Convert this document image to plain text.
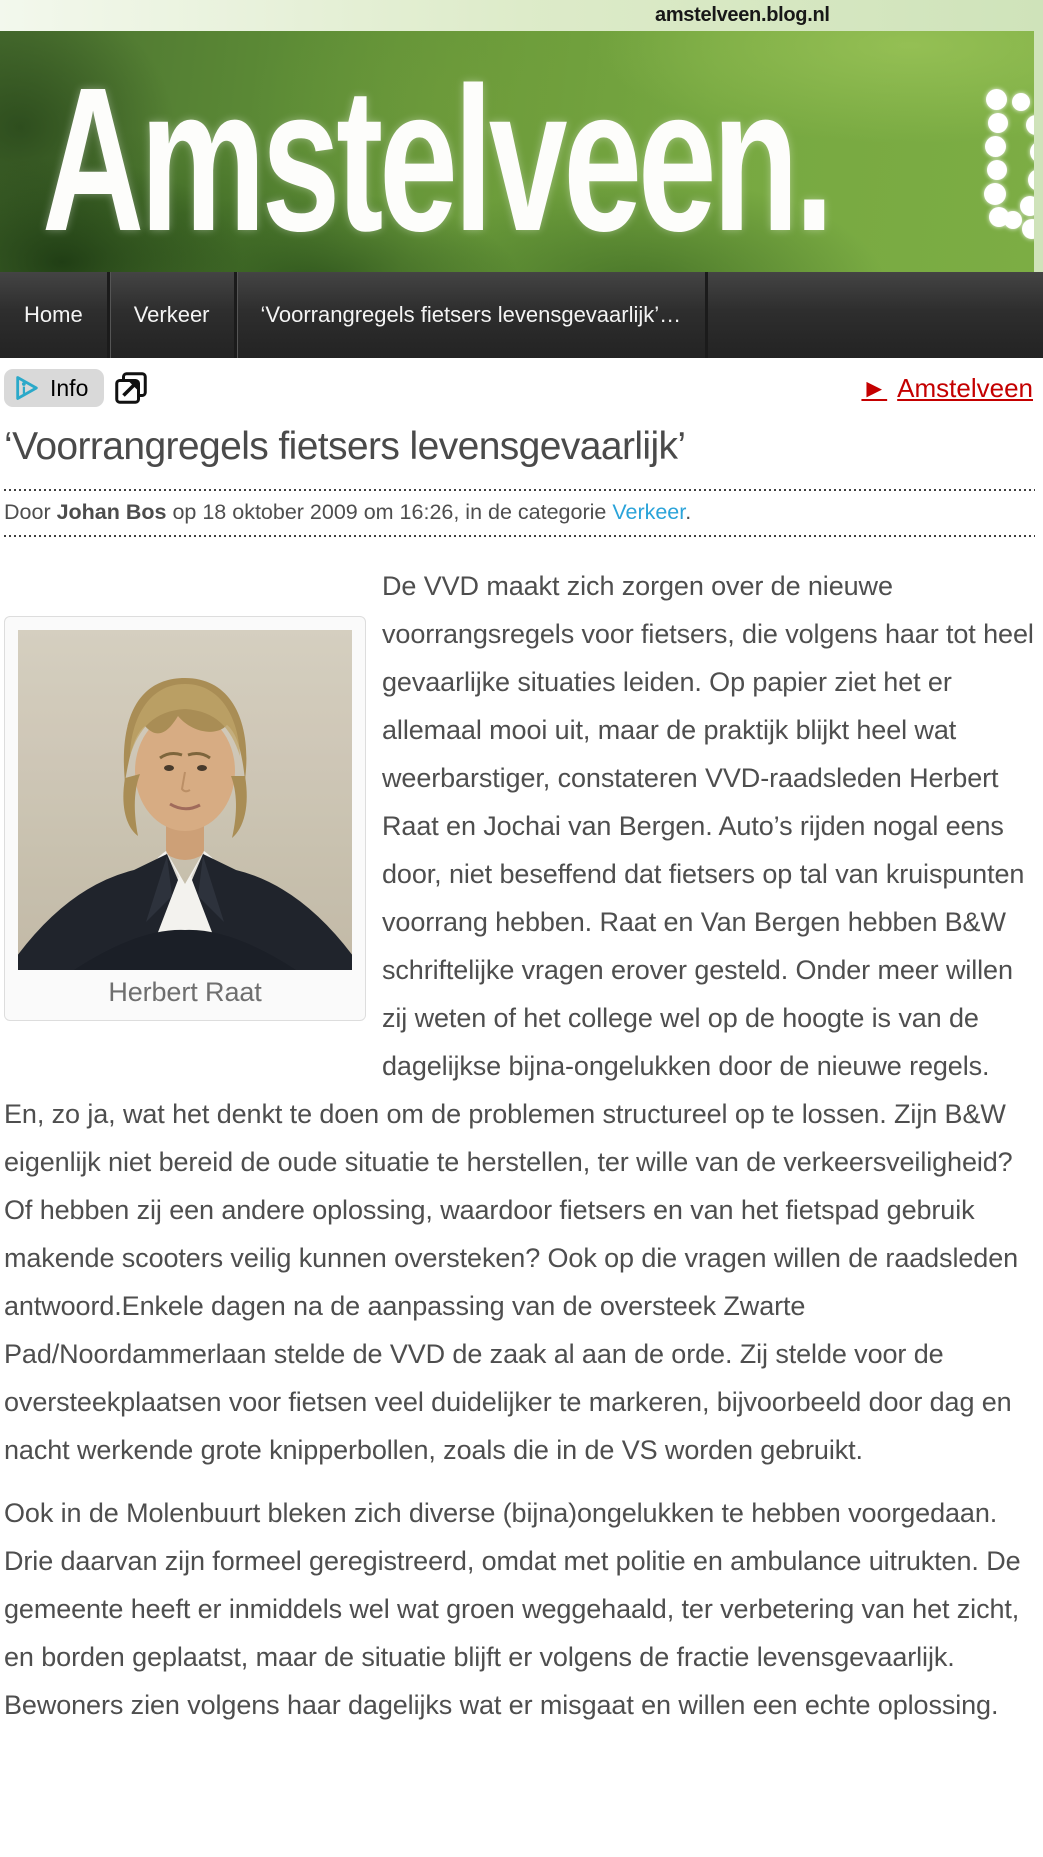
amstelveen.blog.nl
Amstelveen.
Home	Verkeer	‘Voorrangregels fietsers levensgevaarlijk’…
Info	► Amstelveen
‘Voorrangregels fietsers levensgevaarlijk’
Door Johan Bos op 18 oktober 2009 om 16:26, in de categorie Verkeer.
Herbert Raat

De VVD maakt zich zorgen over de nieuwe voorrangsregels voor fietsers, die volgens haar tot heel gevaarlijke situaties leiden. Op papier ziet het er allemaal mooi uit, maar de praktijk blijkt heel wat weerbarstiger, constateren VVD-raadsleden Herbert Raat en Jochai van Bergen. Auto’s rijden nogal eens door, niet beseffend dat fietsers op tal van kruispunten voorrang hebben. Raat en Van Bergen hebben B&W schriftelijke vragen erover gesteld. Onder meer willen zij weten of het college wel op de hoogte is van de dagelijkse bijna-ongelukken door de nieuwe regels. En, zo ja, wat het denkt te doen om de problemen structureel op te lossen. Zijn B&W eigenlijk niet bereid de oude situatie te herstellen, ter wille van de verkeersveiligheid? Of hebben zij een andere oplossing, waardoor fietsers en van het fietspad gebruik makende scooters veilig kunnen oversteken? Ook op die vragen willen de raadsleden antwoord.Enkele dagen na de aanpassing van de oversteek Zwarte Pad/Noordammerlaan stelde de VVD de zaak al aan de orde. Zij stelde voor de oversteekplaatsen voor fietsen veel duidelijker te markeren, bijvoorbeeld door dag en nacht werkende grote knipperbollen, zoals die in de VS worden gebruikt.

Ook in de Molenbuurt bleken zich diverse (bijna)ongelukken te hebben voorgedaan. Drie daarvan zijn formeel geregistreerd, omdat met politie en ambulance uitrukten. De gemeente heeft er inmiddels wel wat groen weggehaald, ter verbetering van het zicht, en borden geplaatst, maar de situatie blijft er volgens de fractie levensgevaarlijk. Bewoners zien volgens haar dagelijks wat er misgaat en willen een echte oplossing.
